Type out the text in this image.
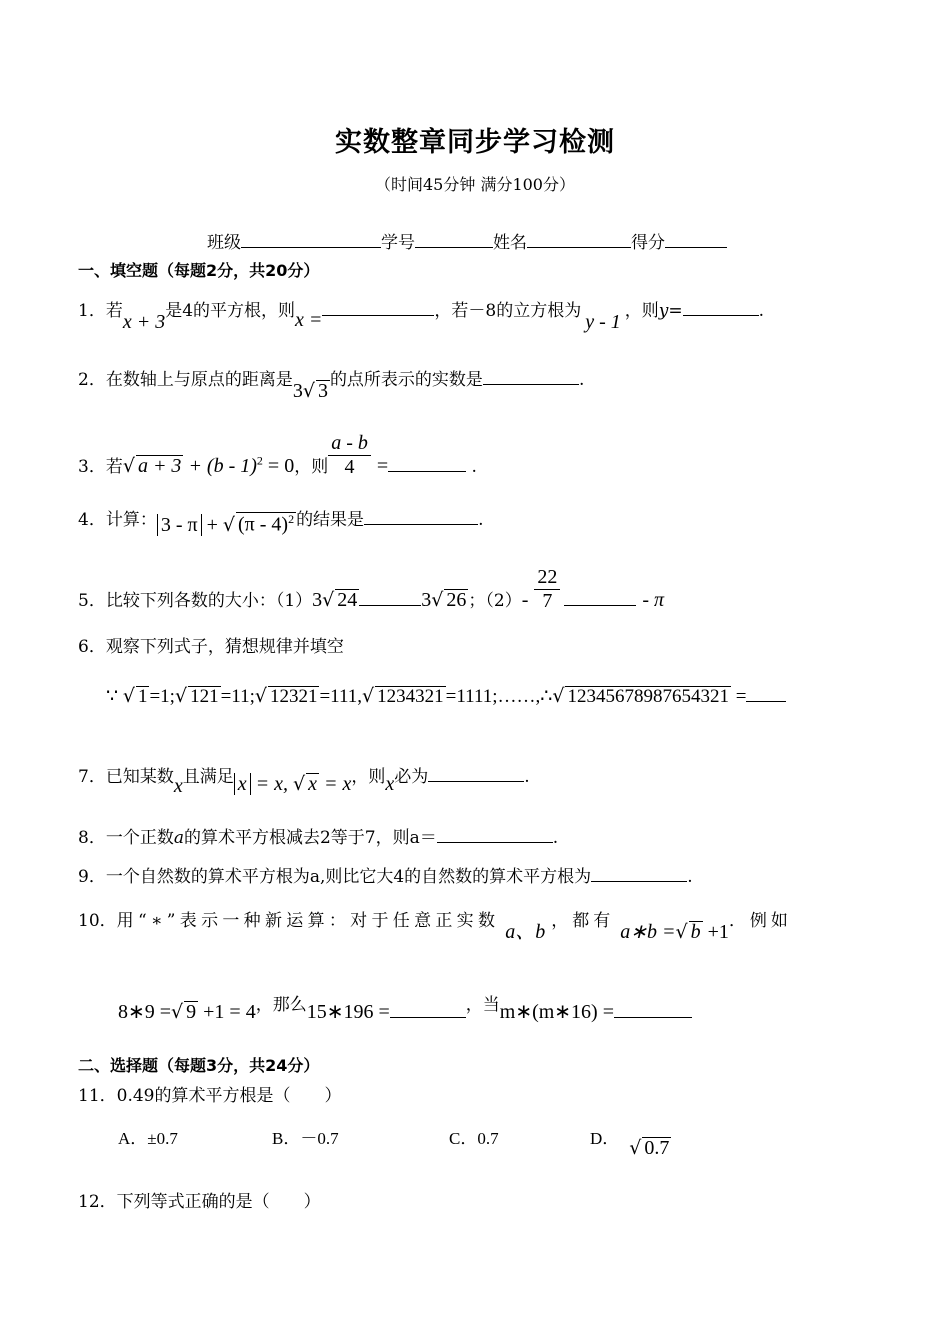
实数整章同步学习检测
（时间45分钟 满分100分）
班级	学号	姓名	得分
一、填空题（每题2分，共20分）
1．若x + 3是4的平方根，则x =	，若－8的立方根为 y - 1 ，则y=	.
2．在数轴上与原点的距离是3√ 3 的点所表示的实数是	.
3．若√ a + 3 + (b - 1)$^2$ = 0，则 $\frac{a - b}{4}$ =	.
4．计算： 3 - π + √ (π - 4)$^2$ 的结果是	.
5．比较下列各数的大小：（1）3√ 24	3√ 26 ；$(2)- \frac{22}{7}$	- π
6．观察下列式子，猜想规律并填空
∵ √ 1 =1;√ 121 =11;√ 12321 =111,√ 1234321 =1111;……,∴√ 12345678987654321 =
7．已知某数x且满足 x = x, √ x = x，则x必为	.
8．一个正数a的算术平方根减去2等于7，则a＝	.
9．一个自然数的算术平方根为a,则比它大4的自然数的算术平方根为	.
10．用“∗”表示一种新运算：对于任意正实数 a、b ，都有 a∗b =√ b +1．例如
8∗9 =√ 9 +1 = 4，那么15∗196 =	，当m∗(m∗16) =
二、选择题（每题3分，共24分）
11．0.49的算术平方根是（　　）
A．±0.7	B．－0.7	C．0.7	D． √ 0.7
12．下列等式正确的是（　　）
